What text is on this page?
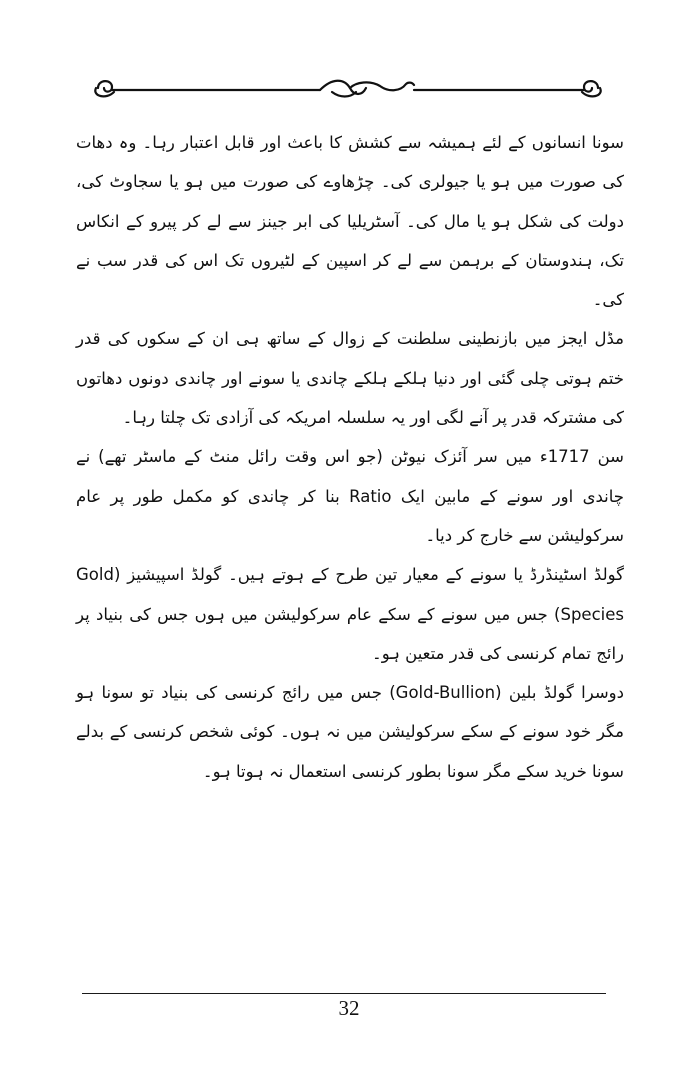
سونا انسانوں کے لئے ہمیشہ سے کشش کا باعث اور قابل اعتبار رہا۔ وہ دھات کی صورت میں ہو یا جیولری کی۔ چڑھاوے کی صورت میں ہو یا سجاوٹ کی، دولت کی شکل ہو یا مال کی۔ آسٹریلیا کی ابر جینز سے لے کر پیرو کے انکاس تک، ہندوستان کے برہمن سے لے کر اسپین کے لٹیروں تک اس کی قدر سب نے کی۔

مڈل ایجز میں بازنطینی سلطنت کے زوال کے ساتھ ہی ان کے سکوں کی قدر ختم ہوتی چلی گئی اور دنیا ہلکے ہلکے چاندی یا سونے اور چاندی دونوں دھاتوں کی مشترکہ قدر پر آنے لگی اور یہ سلسلہ امریکہ کی آزادی تک چلتا رہا۔

سن 1717ء میں سر آئزک نیوٹن (جو اس وقت رائل منٹ کے ماسٹر تھے) نے چاندی اور سونے کے مابین ایک Ratio بنا کر چاندی کو مکمل طور پر عام سرکولیشن سے خارج کر دیا۔

گولڈ اسٹینڈرڈ یا سونے کے معیار تین طرح کے ہوتے ہیں۔ گولڈ اسپیشیز (Gold Species) جس میں سونے کے سکے عام سرکولیشن میں ہوں جس کی بنیاد پر رائج تمام کرنسی کی قدر متعین ہو۔

دوسرا گولڈ بلین (Gold-Bullion) جس میں رائج کرنسی کی بنیاد تو سونا ہو مگر خود سونے کے سکے سرکولیشن میں نہ ہوں۔ کوئی شخص کرنسی کے بدلے سونا خرید سکے مگر سونا بطور کرنسی استعمال نہ ہوتا ہو۔

32
